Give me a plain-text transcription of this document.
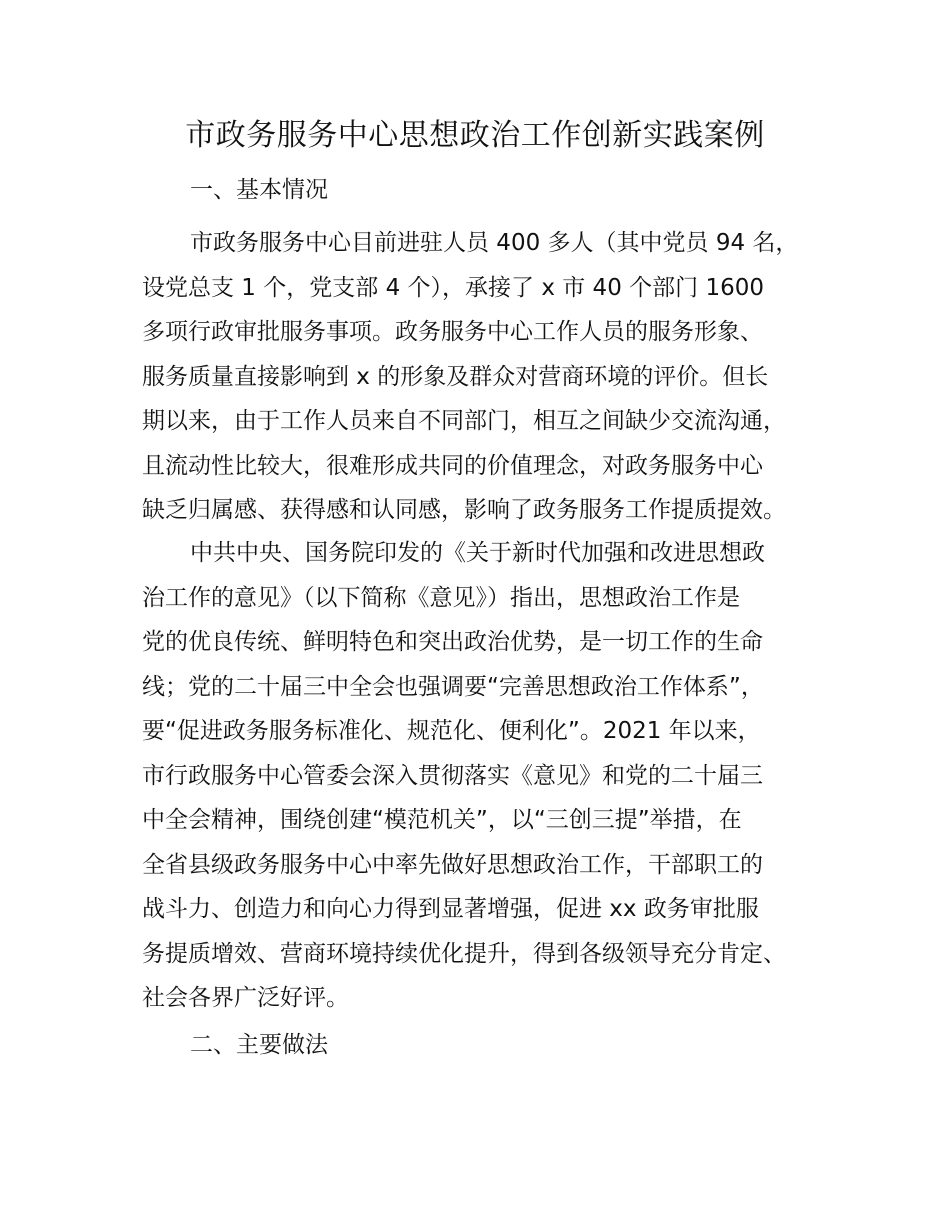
市政务服务中心思想政治工作创新实践案例
一、基本情况
市政务服务中心目前进驻人员 400 多人（其中党员 94 名，
设党总支 1 个，党支部 4 个），承接了 x 市 40 个部门 1600
多项行政审批服务事项。政务服务中心工作人员的服务形象、
服务质量直接影响到 x 的形象及群众对营商环境的评价。但长
期以来，由于工作人员来自不同部门，相互之间缺少交流沟通，
且流动性比较大，很难形成共同的价值理念，对政务服务中心
缺乏归属感、获得感和认同感，影响了政务服务工作提质提效。
中共中央、国务院印发的《关于新时代加强和改进思想政
治工作的意见》（以下简称《意见》）指出，思想政治工作是
党的优良传统、鲜明特色和突出政治优势，是一切工作的生命
线；党的二十届三中全会也强调要“完善思想政治工作体系”，
要“促进政务服务标准化、规范化、便利化”。2021 年以来，
市行政服务中心管委会深入贯彻落实《意见》和党的二十届三
中全会精神，围绕创建“模范机关”，以“三创三提”举措，在
全省县级政务服务中心中率先做好思想政治工作，干部职工的
战斗力、创造力和向心力得到显著增强，促进 xx 政务审批服
务提质增效、营商环境持续优化提升，得到各级领导充分肯定、
社会各界广泛好评。
二、主要做法
